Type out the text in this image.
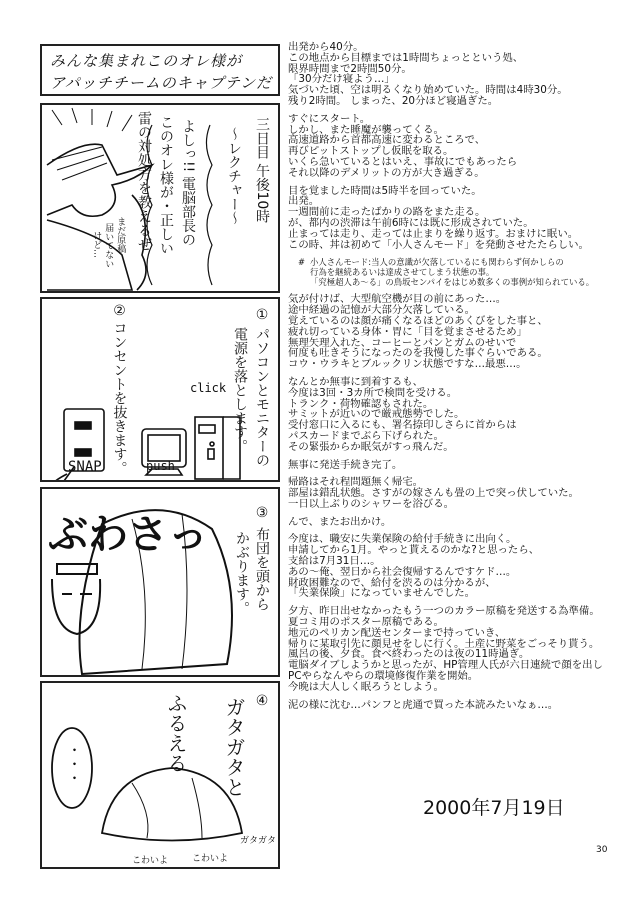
みんな集まれこのオレ様が
アパッチチームのキャプテンだ
三日目 午後10時
〜レクチャー〜
よしっ!! 電脳部長の
このオレ様が・正しい
雷の対処方を教えるぜ
まだ原稿
届いてない
けど…
①
パソコンとモニターの
電源を落とします。
②
コンセントを抜きます。	click
push
SNAP
ぶわさっ	③
布団を頭から
かぶります。
④
ガタガタと
ふるえる
・・・
こわいよ	こわいよ
ガタガタ

出発から40分。
この地点から目標までは1時間ちょっとという処、
限界時間まで2時間50分。
「30分だけ寝よう…」
気づいた頃、空は明るくなり始めていた。時間は4時30分。
残り2時間。 しまった、20分ほど寝過ぎた。

すぐにスタート。
しかし、また睡魔が襲ってくる。
高速道路から首都高速に変わるところで、
再びピットストップし仮眠を取る。
いくら急いているとはいえ、事故にでもあったら
それ以降のデメリットの方が大き過ぎる。

目を覚ました時間は5時半を回っていた。
出発。
一週間前に走ったばかりの路をまた走る。
が、都内の渋滞は午前6時には既に形成されていた。
止まっては走り、走っては止まりを繰り返す。おまけに眠い。
この時、丼は初めて「小人さんモード」を発動させたたらしい。

# 小人さんモード:当人の意識が欠落しているにも関わらず何かしらの
行為を継続あるいは達成させてしまう状態の事。
「究極超人あ〜る」の鳥坂センパイをはじめ数多くの事例が知られている。

気が付けば、大型航空機が目の前にあった…。
途中経過の記憶が大部分欠落している。
覚えているのは顔が痛くなるほどのあくびをした事と、
疲れ切っている身体・胃に「目を覚まさせるため」
無理矢理入れた、コーヒーとパンとガムのせいで
何度も吐きそうになったのを我慢した事ぐらいである。
コウ・ウラキとブルックリン状態ですな…最悪…。

なんとか無事に到着するも、
今度は3回・3カ所で検問を受ける。
トランク・荷物確認もされた。
サミットが近いので厳戒態勢でした。
受付窓口に入るにも、署名捺印しさらに首からは
パスカードまでぶら下げられた。
その緊張からか眠気がすっ飛んだ。

無事に発送手続き完了。

帰路はそれ程問題無く帰宅。
部屋は錯乱状態。さすがの嫁さんも畳の上で突っ伏していた。
一日以上ぶりのシャワーを浴びる。

んで、またお出かけ。

今度は、職安に失業保険の給付手続きに出向く。
申請してから1月。やっと貰えるのかな?と思ったら、
支給は7月31日…。
あの〜俺、翌日から社会復帰するんですケド…。
財政困難なので、給付を渋るのは分かるが、
「失業保険」になっていませんでした。

夕方、昨日出せなかったもう一つのカラー原稿を発送する為準備。
夏コミ用のポスター原稿である。
地元のペリカン配送センターまで持っていき、
帰りに某取引先に顔見せをしに行く。土産に野菜をごっそり貰う。
風呂の後、夕食。食べ終わったのは夜の11時過ぎ。
電脳ダイブしようかと思ったが、HP管理人氏が六日連続で顔を出し
PCやらなんやらの環境修復作業を開始。
今晩は大人しく眠ろうとしよう。

泥の様に沈む…パンフと虎通で買った本読みたいなぁ…。

2000年7月19日
30
